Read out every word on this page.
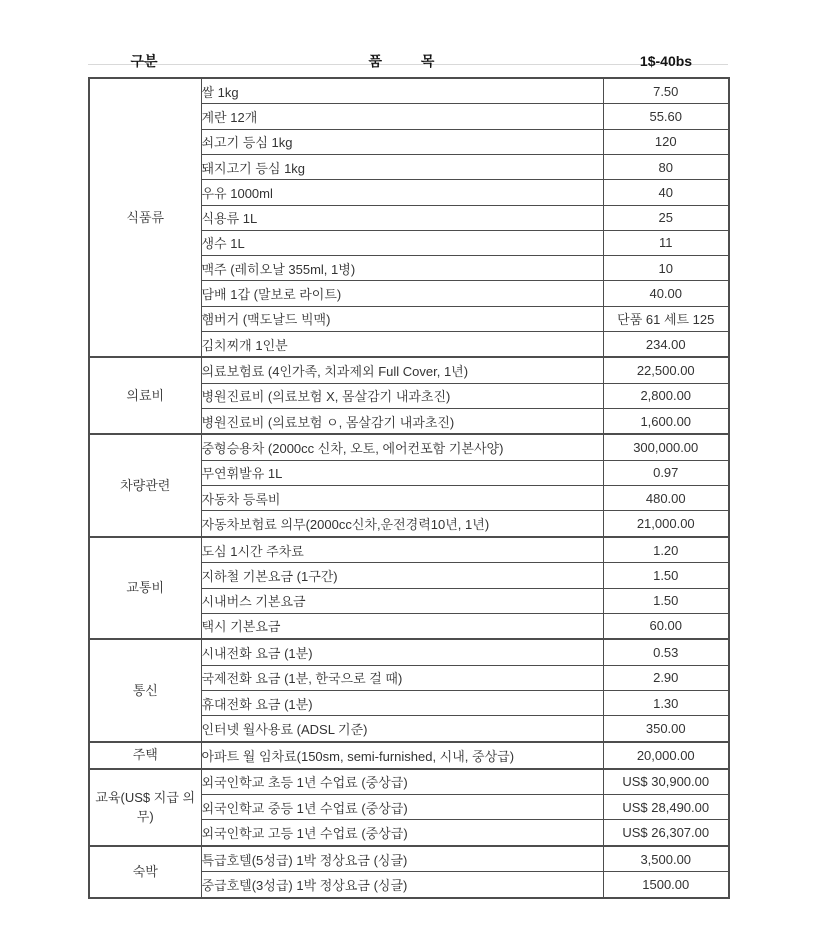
구분	품          목	1$-40bs
식품류	쌀 1kg	7.50
	계란 12개	55.60
	쇠고기 등심 1kg	120
	돼지고기 등심 1kg	80
	우유 1000ml	40
	식용류 1L	25
	생수 1L	11
	맥주 (레히오날 355ml, 1병)	10
	담배 1갑 (말보로 라이트)	40.00
	햄버거 (맥도날드 빅맥)	단품 61 세트 125
	김치찌개 1인분	234.00
의료비	의료보험료 (4인가족, 치과제외 Full Cover, 1년)	22,500.00
	병원진료비 (의료보험 X, 몸살감기 내과초진)	2,800.00
	병원진료비 (의료보험 ㅇ, 몸살감기 내과초진)	1,600.00
차량관련	중형승용차 (2000cc 신차, 오토, 에어컨포함 기본사양)	300,000.00
	무연휘발유 1L	0.97
	자동차 등록비	480.00
	자동차보험료 의무(2000cc신차,운전경력10년, 1년)	21,000.00
교통비	도심 1시간 주차료	1.20
	지하철 기본요금 (1구간)	1.50
	시내버스 기본요금	1.50
	택시 기본요금	60.00
통신	시내전화 요금 (1분)	0.53
	국제전화 요금 (1분, 한국으로 걸 때)	2.90
	휴대전화 요금 (1분)	1.30
	인터넷 월사용료 (ADSL 기준)	350.00
주택	아파트 월 임차료(150sm, semi-furnished, 시내, 중상급)	20,000.00
교육(US$ 지급 의무)	외국인학교 초등 1년 수업료 (중상급)	US$ 30,900.00
	외국인학교 중등 1년 수업료 (중상급)	US$ 28,490.00
	외국인학교 고등 1년 수업료 (중상급)	US$ 26,307.00
숙박	특급호텔(5성급) 1박 정상요금 (싱글)	3,500.00
	중급호텔(3성급) 1박 정상요금 (싱글)	1500.00
